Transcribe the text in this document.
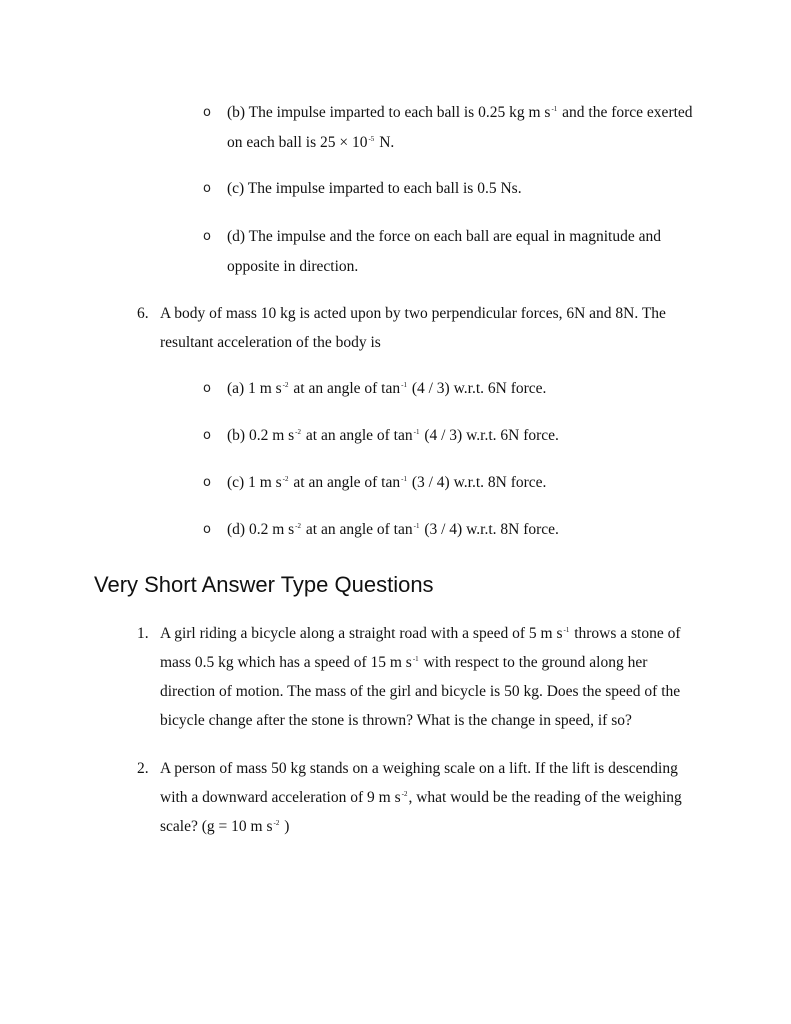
o (b) The impulse imparted to each ball is 0.25 kg m $s^{-1}$ and the force exerted
on each ball is $25 \times 10^{-5}$ N.
o (c) The impulse imparted to each ball is 0.5 Ns.
o (d) The impulse and the force on each ball are equal in magnitude and
opposite in direction.
6. A body of mass 10 kg is acted upon by two perpendicular forces, 6N and 8N. The
resultant acceleration of the body is
o (a) 1 m $s^{-2}$ at an angle of $\tan^{-1} (4 / 3)$ w.r.t. 6N force.
o (b) 0.2 m $s^{-2}$ at an angle of $\tan^{-1} (4 / 3)$ w.r.t. 6N force.
o (c) 1 m $s^{-2}$ at an angle of $\tan^{-1} (3 / 4)$ w.r.t. 8N force.
o (d) 0.2 m $s^{-2}$ at an angle of $\tan^{-1} (3 / 4)$ w.r.t. 8N force.
Very Short Answer Type Questions
1. A girl riding a bicycle along a straight road with a speed of 5 m $s^{-1}$ throws a stone of
mass 0.5 kg which has a speed of 15 m $s^{-1}$ with respect to the ground along her
direction of motion. The mass of the girl and bicycle is 50 kg. Does the speed of the
bicycle change after the stone is thrown? What is the change in speed, if so?
2. A person of mass 50 kg stands on a weighing scale on a lift. If the lift is descending
with a downward acceleration of 9 m $s^{-2}$, what would be the reading of the weighing
scale? (g = 10 m $s^{-2}$ )
